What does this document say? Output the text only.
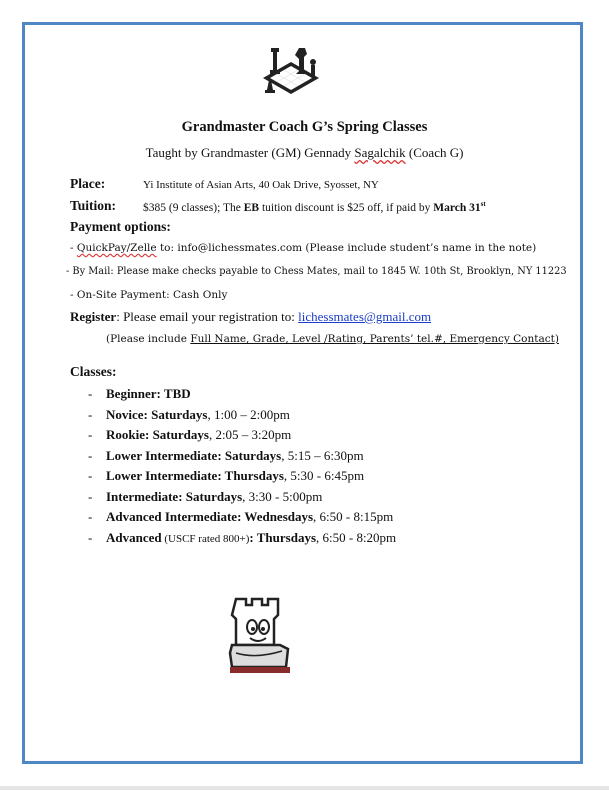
Grandmaster Coach G’s Spring Classes
Taught by Grandmaster (GM) Gennady Sagalchik (Coach G)
Place:	Yi Institute of Asian Arts, 40 Oak Drive, Syosset, NY
Tuition: $385 (9 classes); The EB tuition discount is $25 off, if paid by March 31st
Payment options:
- QuickPay/Zelle to: info@lichessmates.com (Please include student’s name in the note)
- By Mail: Please make checks payable to Chess Mates, mail to 1845 W. 10th St, Brooklyn, NY 11223
- On-Site Payment: Cash Only
Register: Please email your registration to: lichessmates@gmail.com
(Please include Full Name, Grade, Level /Rating, Parents’ tel.#, Emergency Contact)
Classes:
- Beginner: TBD
- Novice: Saturdays, 1:00 – 2:00pm
- Rookie: Saturdays, 2:05 – 3:20pm
- Lower Intermediate: Saturdays, 5:15 – 6:30pm
- Lower Intermediate: Thursdays, 5:30 - 6:45pm
- Intermediate: Saturdays, 3:30 - 5:00pm
- Advanced Intermediate: Wednesdays, 6:50 - 8:15pm
- Advanced (USCF rated 800+): Thursdays, 6:50 - 8:20pm
